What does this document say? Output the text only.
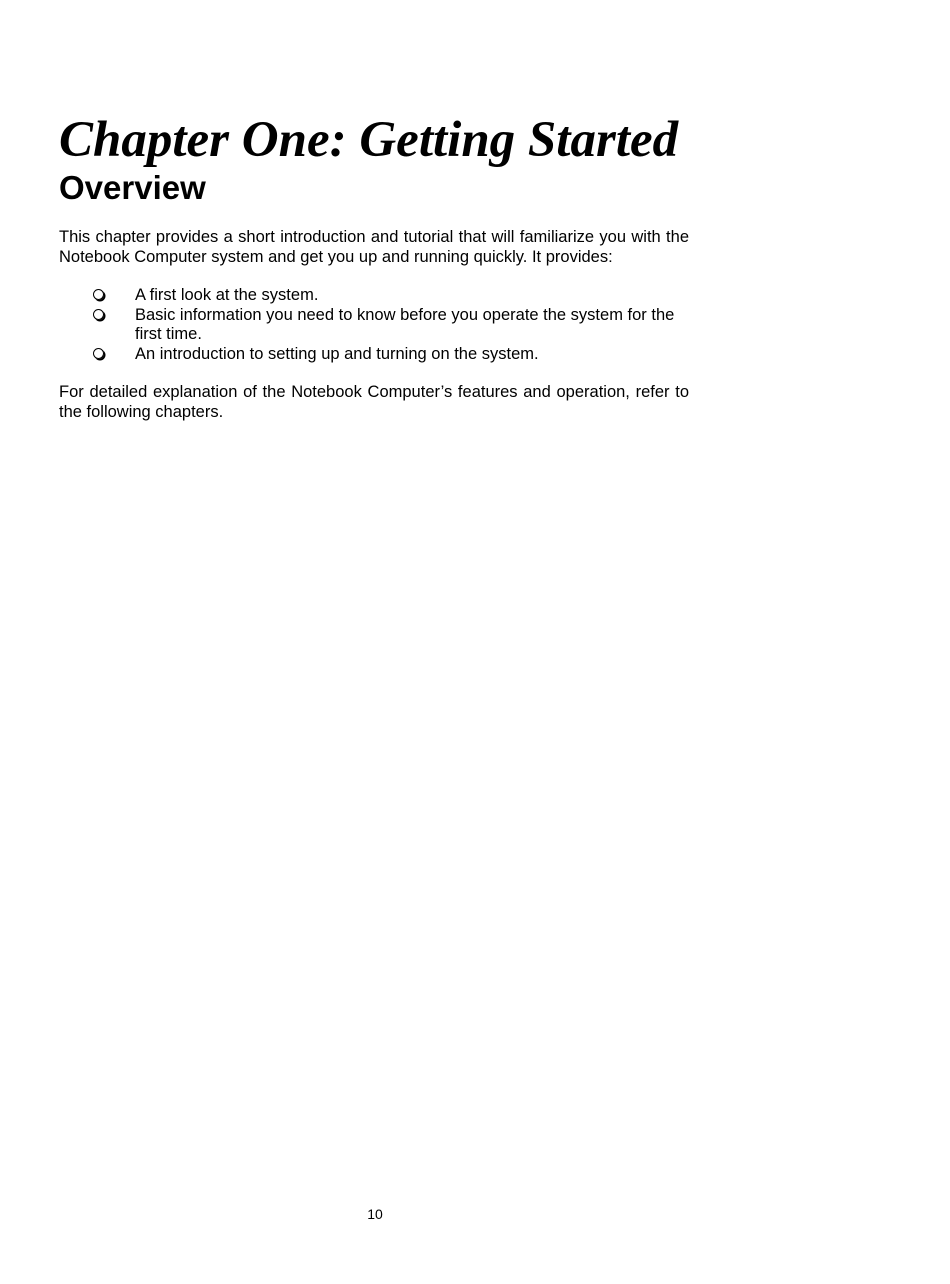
Chapter One: Getting Started
Overview

This chapter provides a short introduction and tutorial that will familiarize you with the Notebook Computer system and get you up and running quickly. It provides:

A first look at the system.
Basic information you need to know before you operate the system for the first time.
An introduction to setting up and turning on the system.

For detailed explanation of the Notebook Computer’s features and operation, refer to the following chapters.

10
